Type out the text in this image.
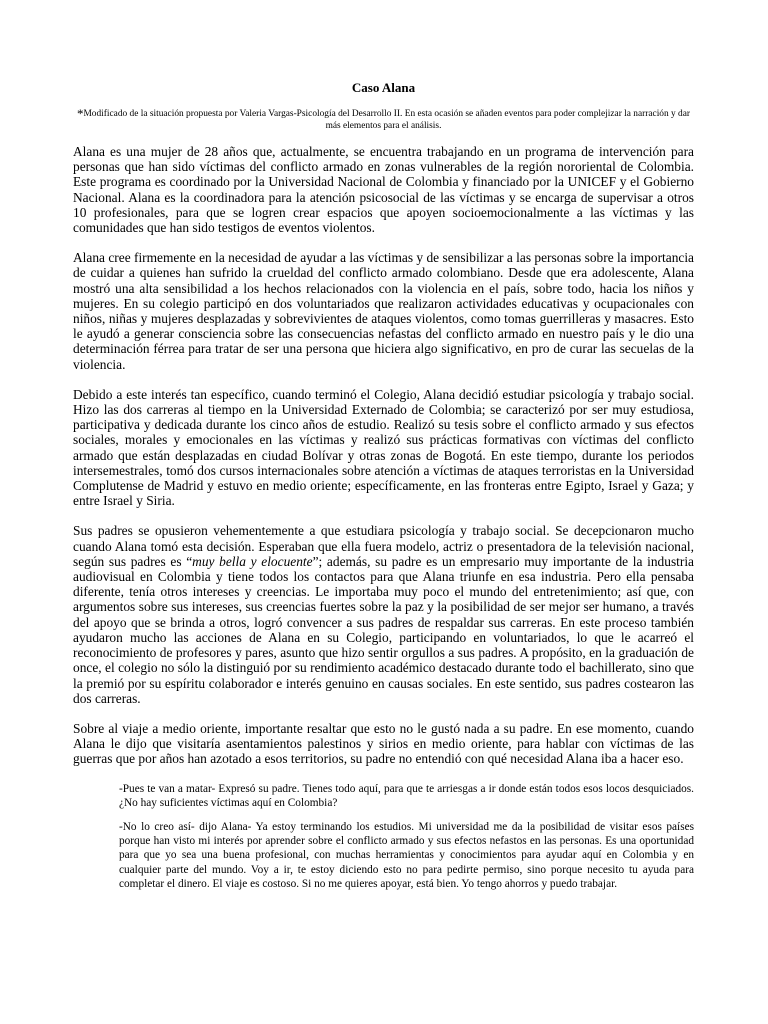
Caso Alana
*Modificado de la situación propuesta por Valeria Vargas-Psicología del Desarrollo II. En esta ocasión se añaden eventos para poder complejizar la narración y dar más elementos para el análisis.

Alana es una mujer de 28 años que, actualmente, se encuentra trabajando en un programa de intervención para personas que han sido víctimas del conflicto armado en zonas vulnerables de la región nororiental de Colombia. Este programa es coordinado por la Universidad Nacional de Colombia y financiado por la UNICEF y el Gobierno Nacional. Alana es la coordinadora para la atención psicosocial de las víctimas y se encarga de supervisar a otros 10 profesionales, para que se logren crear espacios que apoyen socioemocionalmente a las víctimas y las comunidades que han sido testigos de eventos violentos.

Alana cree firmemente en la necesidad de ayudar a las víctimas y de sensibilizar a las personas sobre la importancia de cuidar a quienes han sufrido la crueldad del conflicto armado colombiano. Desde que era adolescente, Alana mostró una alta sensibilidad a los hechos relacionados con la violencia en el país, sobre todo, hacia los niños y mujeres. En su colegio participó en dos voluntariados que realizaron actividades educativas y ocupacionales con niños, niñas y mujeres desplazadas y sobrevivientes de ataques violentos, como tomas guerrilleras y masacres. Esto le ayudó a generar consciencia sobre las consecuencias nefastas del conflicto armado en nuestro país y le dio una determinación férrea para tratar de ser una persona que hiciera algo significativo, en pro de curar las secuelas de la violencia.

Debido a este interés tan específico, cuando terminó el Colegio, Alana decidió estudiar psicología y trabajo social. Hizo las dos carreras al tiempo en la Universidad Externado de Colombia; se caracterizó por ser muy estudiosa, participativa y dedicada durante los cinco años de estudio. Realizó su tesis sobre el conflicto armado y sus efectos sociales, morales y emocionales en las víctimas y realizó sus prácticas formativas con víctimas del conflicto armado que están desplazadas en ciudad Bolívar y otras zonas de Bogotá. En este tiempo, durante los periodos intersemestrales, tomó dos cursos internacionales sobre atención a víctimas de ataques terroristas en la Universidad Complutense de Madrid y estuvo en medio oriente; específicamente, en las fronteras entre Egipto, Israel y Gaza; y entre Israel y Siria.

Sus padres se opusieron vehementemente a que estudiara psicología y trabajo social. Se decepcionaron mucho cuando Alana tomó esta decisión. Esperaban que ella fuera modelo, actriz o presentadora de la televisión nacional, según sus padres es “muy bella y elocuente”; además, su padre es un empresario muy importante de la industria audiovisual en Colombia y tiene todos los contactos para que Alana triunfe en esa industria. Pero ella pensaba diferente, tenía otros intereses y creencias. Le importaba muy poco el mundo del entretenimiento; así que, con argumentos sobre sus intereses, sus creencias fuertes sobre la paz y la posibilidad de ser mejor ser humano, a través del apoyo que se brinda a otros, logró convencer a sus padres de respaldar sus carreras. En este proceso también ayudaron mucho las acciones de Alana en su Colegio, participando en voluntariados, lo que le acarreó el reconocimiento de profesores y pares, asunto que hizo sentir orgullos a sus padres. A propósito, en la graduación de once, el colegio no sólo la distinguió por su rendimiento académico destacado durante todo el bachillerato, sino que la premió por su espíritu colaborador e interés genuino en causas sociales. En este sentido, sus padres costearon las dos carreras.

Sobre al viaje a medio oriente, importante resaltar que esto no le gustó nada a su padre. En ese momento, cuando Alana le dijo que visitaría asentamientos palestinos y sirios en medio oriente, para hablar con víctimas de las guerras que por años han azotado a esos territorios, su padre no entendió con qué necesidad Alana iba a hacer eso.

-Pues te van a matar- Expresó su padre. Tienes todo aquí, para que te arriesgas a ir donde están todos esos locos desquiciados. ¿No hay suficientes víctimas aquí en Colombia?

-No lo creo así- dijo Alana- Ya estoy terminando los estudios. Mi universidad me da la posibilidad de visitar esos países porque han visto mi interés por aprender sobre el conflicto armado y sus efectos nefastos en las personas. Es una oportunidad para que yo sea una buena profesional, con muchas herramientas y conocimientos para ayudar aquí en Colombia y en cualquier parte del mundo. Voy a ir, te estoy diciendo esto no para pedirte permiso, sino porque necesito tu ayuda para completar el dinero. El viaje es costoso. Si no me quieres apoyar, está bien. Yo tengo ahorros y puedo trabajar.
